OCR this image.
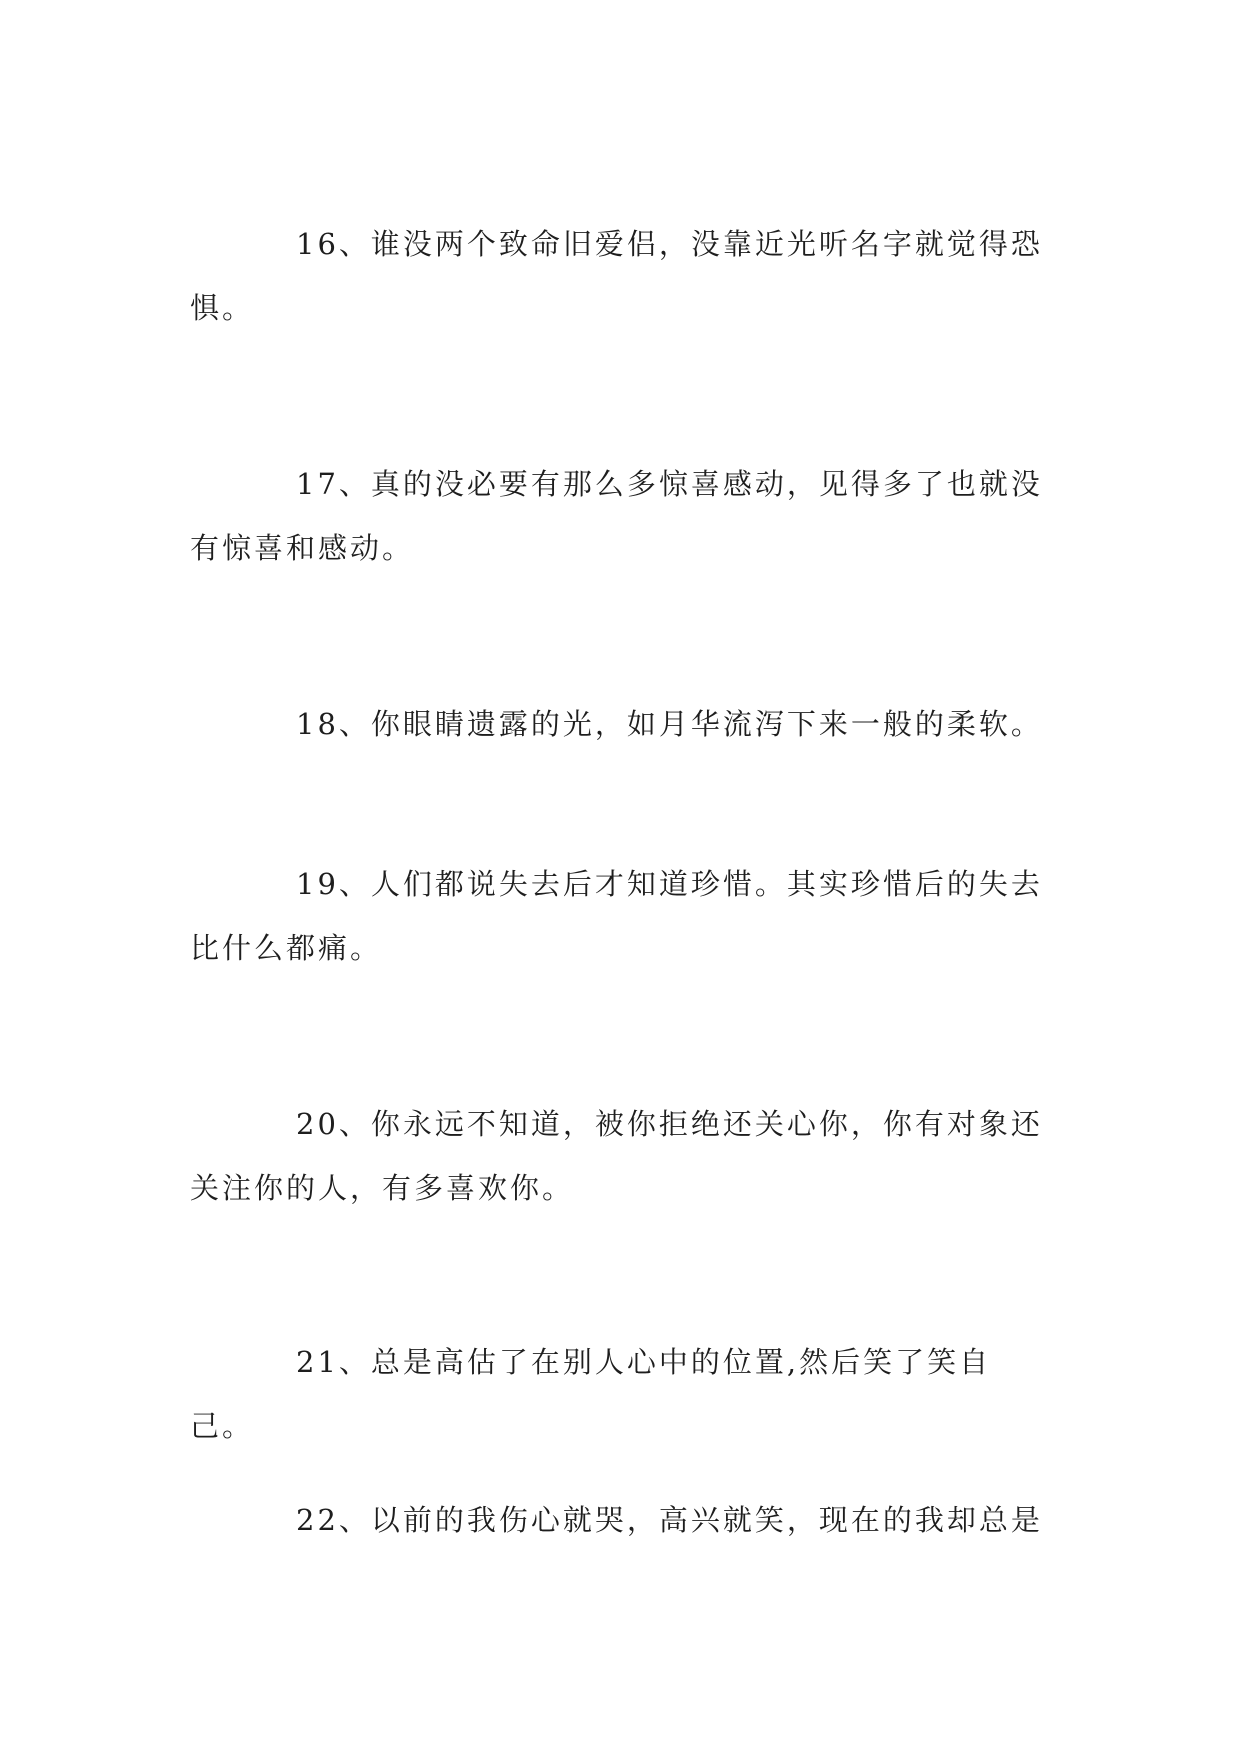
16、谁没两个致命旧爱侣，没靠近光听名字就觉得恐惧。

17、真的没必要有那么多惊喜感动，见得多了也就没有惊喜和感动。

18、你眼睛遗露的光，如月华流泻下来一般的柔软。

19、人们都说失去后才知道珍惜。其实珍惜后的失去比什么都痛。

20、你永远不知道，被你拒绝还关心你，你有对象还关注你的人，有多喜欢你。

21、总是高估了在别人心中的位置,然后笑了笑自己。

22、以前的我伤心就哭，高兴就笑，现在的我却总是
